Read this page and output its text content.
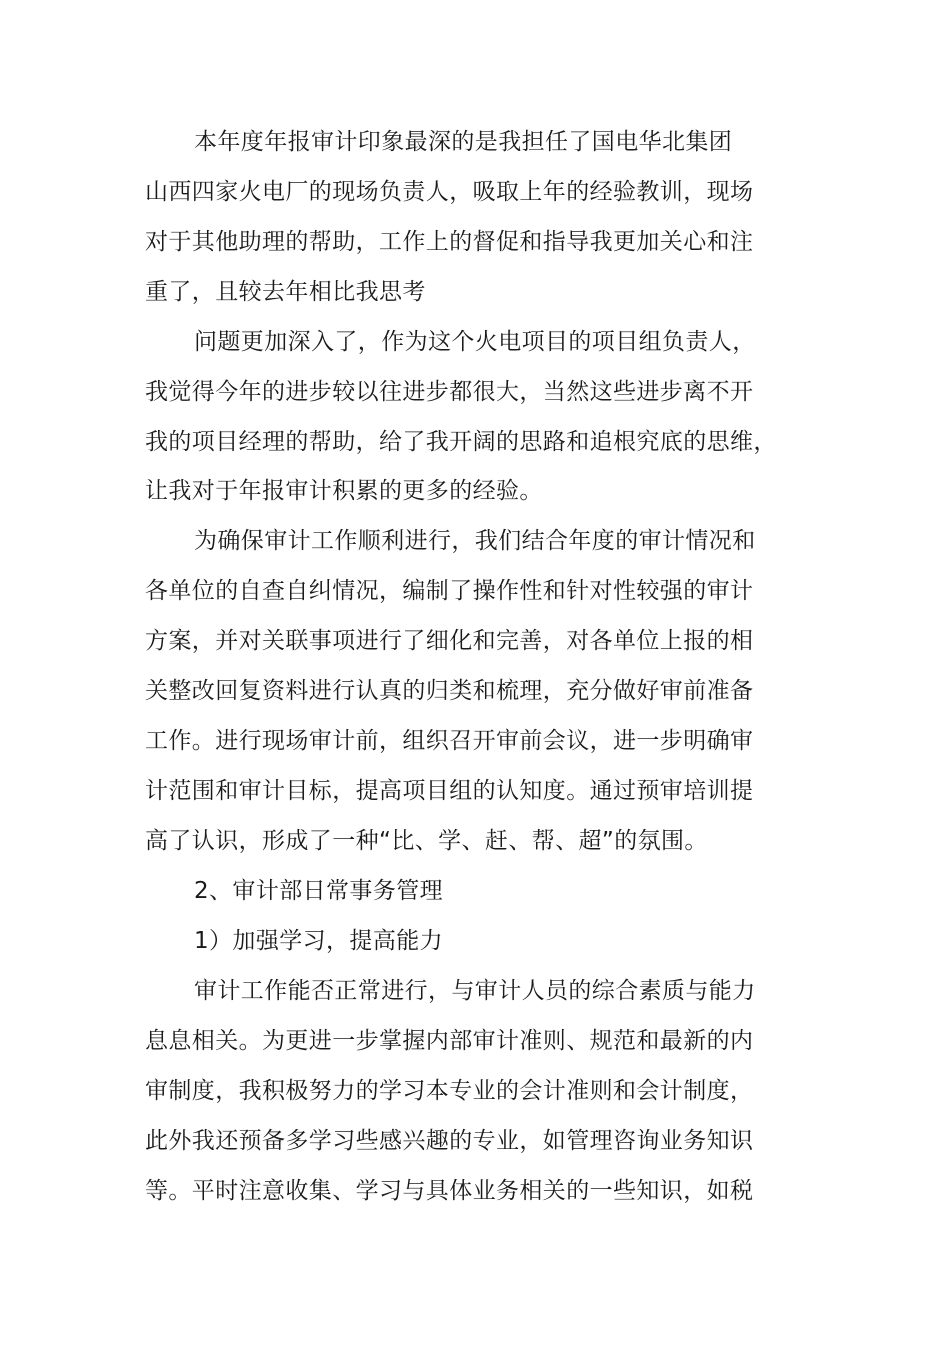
本年度年报审计印象最深的是我担任了国电华北集团
山西四家火电厂的现场负责人，吸取上年的经验教训，现场
对于其他助理的帮助，工作上的督促和指导我更加关心和注
重了，且较去年相比我思考
问题更加深入了，作为这个火电项目的项目组负责人，
我觉得今年的进步较以往进步都很大，当然这些进步离不开
我的项目经理的帮助，给了我开阔的思路和追根究底的思维，
让我对于年报审计积累的更多的经验。
为确保审计工作顺利进行，我们结合年度的审计情况和
各单位的自查自纠情况，编制了操作性和针对性较强的审计
方案，并对关联事项进行了细化和完善，对各单位上报的相
关整改回复资料进行认真的归类和梳理，充分做好审前准备
工作。进行现场审计前，组织召开审前会议，进一步明确审
计范围和审计目标，提高项目组的认知度。通过预审培训提
高了认识，形成了一种“比、学、赶、帮、超”的氛围。
2、审计部日常事务管理
1）加强学习，提高能力
审计工作能否正常进行，与审计人员的综合素质与能力
息息相关。为更进一步掌握内部审计准则、规范和最新的内
审制度，我积极努力的学习本专业的会计准则和会计制度，
此外我还预备多学习些感兴趣的专业，如管理咨询业务知识
等。平时注意收集、学习与具体业务相关的一些知识，如税
